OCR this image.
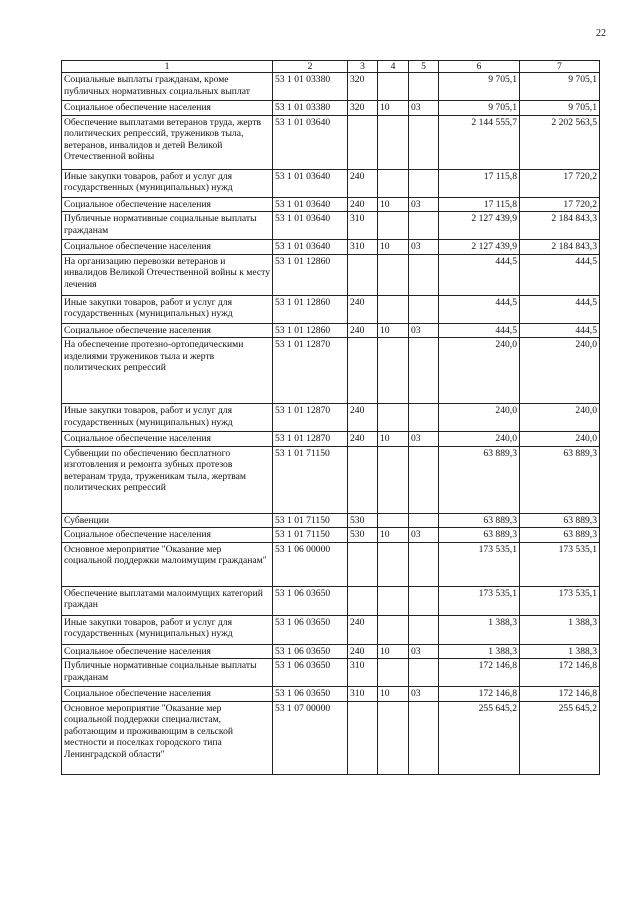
22
1	2	3	4	5	6	7
Социальные выплаты гражданам, кроме публичных нормативных социальных выплат	53 1 01 03380	320			9 705,1	9 705,1
Социальное обеспечение населения	53 1 01 03380	320	10	03	9 705,1	9 705,1
Обеспечение выплатами ветеранов труда, жертв политических репрессий, тружеников тыла, ветеранов, инвалидов и детей Великой Отечественной войны	53 1 01 03640				2 144 555,7	2 202 563,5
Иные закупки товаров, работ и услуг для государственных (муниципальных) нужд	53 1 01 03640	240			17 115,8	17 720,2
Социальное обеспечение населения	53 1 01 03640	240	10	03	17 115,8	17 720,2
Публичные нормативные социальные выплаты гражданам	53 1 01 03640	310			2 127 439,9	2 184 843,3
Социальное обеспечение населения	53 1 01 03640	310	10	03	2 127 439,9	2 184 843,3
На организацию перевозки ветеранов и инвалидов Великой Отечественной войны к месту лечения	53 1 01 12860				444,5	444,5
Иные закупки товаров, работ и услуг для государственных (муниципальных) нужд	53 1 01 12860	240			444,5	444,5
Социальное обеспечение населения	53 1 01 12860	240	10	03	444,5	444,5
На обеспечение протезно-ортопедическими изделиями тружеников тыла и жертв политических репрессий	53 1 01 12870				240,0	240,0
Иные закупки товаров, работ и услуг для государственных (муниципальных) нужд	53 1 01 12870	240			240,0	240,0
Социальное обеспечение населения	53 1 01 12870	240	10	03	240,0	240,0
Субвенции по обеспечению бесплатного изготовления и ремонта зубных протезов ветеранам труда, труженикам тыла, жертвам политических репрессий	53 1 01 71150				63 889,3	63 889,3
Субвенции	53 1 01 71150	530			63 889,3	63 889,3
Социальное обеспечение населения	53 1 01 71150	530	10	03	63 889,3	63 889,3
Основное мероприятие "Оказание мер социальной поддержки малоимущим гражданам"	53 1 06 00000				173 535,1	173 535,1
Обеспечение выплатами малоимущих категорий граждан	53 1 06 03650				173 535,1	173 535,1
Иные закупки товаров, работ и услуг для государственных (муниципальных) нужд	53 1 06 03650	240			1 388,3	1 388,3
Социальное обеспечение населения	53 1 06 03650	240	10	03	1 388,3	1 388,3
Публичные нормативные социальные выплаты гражданам	53 1 06 03650	310			172 146,8	172 146,8
Социальное обеспечение населения	53 1 06 03650	310	10	03	172 146,8	172 146,8
Основное мероприятие "Оказание мер социальной поддержки специалистам, работающим и проживающим в сельской местности и поселках городского типа Ленинградской области"	53 1 07 00000				255 645,2	255 645,2
